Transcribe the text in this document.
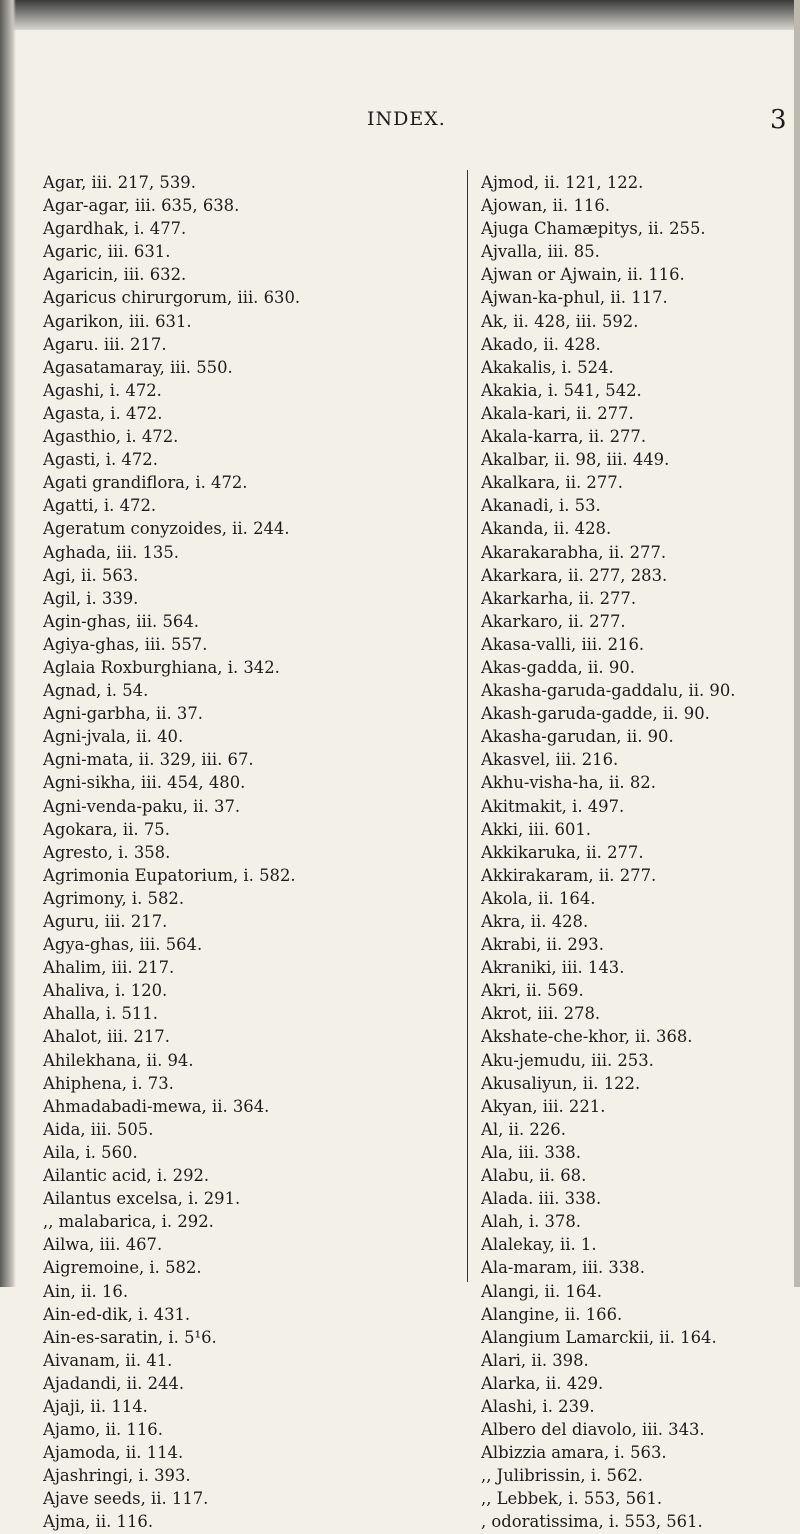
INDEX.	3
Agar, iii. 217, 539.
Agar-agar, iii. 635, 638.
Agardhak, i. 477.
Agaric, iii. 631.
Agaricin, iii. 632.
Agaricus chirurgorum, iii. 630.
Agarikon, iii. 631.
Agaru. iii. 217.
Agasatamaray, iii. 550.
Agashi, i. 472.
Agasta, i. 472.
Agasthio, i. 472.
Agasti, i. 472.
Agati grandiflora, i. 472.
Agatti, i. 472.
Ageratum conyzoides, ii. 244.
Aghada, iii. 135.
Agi, ii. 563.
Agil, i. 339.
Agin-ghas, iii. 564.
Agiya-ghas, iii. 557.
Aglaia Roxburghiana, i. 342.
Agnad, i. 54.
Agni-garbha, ii. 37.
Agni-jvala, ii. 40.
Agni-mata, ii. 329, iii. 67.
Agni-sikha, iii. 454, 480.
Agni-venda-paku, ii. 37.
Agokara, ii. 75.
Agresto, i. 358.
Agrimonia Eupatorium, i. 582.
Agrimony, i. 582.
Aguru, iii. 217.
Agya-ghas, iii. 564.
Ahalim, iii. 217.
Ahaliva, i. 120.
Ahalla, i. 511.
Ahalot, iii. 217.
Ahilekhana, ii. 94.
Ahiphena, i. 73.
Ahmadabadi-mewa, ii. 364.
Aida, iii. 505.
Aila, i. 560.
Ailantic acid, i. 292.
Ailantus excelsa, i. 291.
,, malabarica, i. 292.
Ailwa, iii. 467.
Aigremoine, i. 582.
Ain, ii. 16.
Ain-ed-dik, i. 431.
Ain-es-saratin, i. 5¹6.
Aivanam, ii. 41.
Ajadandi, ii. 244.
Ajaji, ii. 114.
Ajamo, ii. 116.
Ajamoda, ii. 114.
Ajashringi, i. 393.
Ajave seeds, ii. 117.
Ajma, ii. 116.
Ajmod, ii. 121, 122.
Ajowan, ii. 116.
Ajuga Chamæpitys, ii. 255.
Ajvalla, iii. 85.
Ajwan or Ajwain, ii. 116.
Ajwan-ka-phul, ii. 117.
Ak, ii. 428, iii. 592.
Akado, ii. 428.
Akakalis, i. 524.
Akakia, i. 541, 542.
Akala-kari, ii. 277.
Akala-karra, ii. 277.
Akalbar, ii. 98, iii. 449.
Akalkara, ii. 277.
Akanadi, i. 53.
Akanda, ii. 428.
Akarakarabha, ii. 277.
Akarkara, ii. 277, 283.
Akarkarha, ii. 277.
Akarkaro, ii. 277.
Akasa-valli, iii. 216.
Akas-gadda, ii. 90.
Akasha-garuda-gaddalu, ii. 90.
Akash-garuda-gadde, ii. 90.
Akasha-garudan, ii. 90.
Akasvel, iii. 216.
Akhu-visha-ha, ii. 82.
Akitmakit, i. 497.
Akki, iii. 601.
Akkikaruka, ii. 277.
Akkirakaram, ii. 277.
Akola, ii. 164.
Akra, ii. 428.
Akrabi, ii. 293.
Akraniki, iii. 143.
Akri, ii. 569.
Akrot, iii. 278.
Akshate-che-khor, ii. 368.
Aku-jemudu, iii. 253.
Akusaliyun, ii. 122.
Akyan, iii. 221.
Al, ii. 226.
Ala, iii. 338.
Alabu, ii. 68.
Alada. iii. 338.
Alah, i. 378.
Alalekay, ii. 1.
Ala-maram, iii. 338.
Alangi, ii. 164.
Alangine, ii. 166.
Alangium Lamarckii, ii. 164.
Alari, ii. 398.
Alarka, ii. 429.
Alashi, i. 239.
Albero del diavolo, iii. 343.
Albizzia amara, i. 563.
,, Julibrissin, i. 562.
,, Lebbek, i. 553, 561.
, odoratissima, i. 553, 561.
